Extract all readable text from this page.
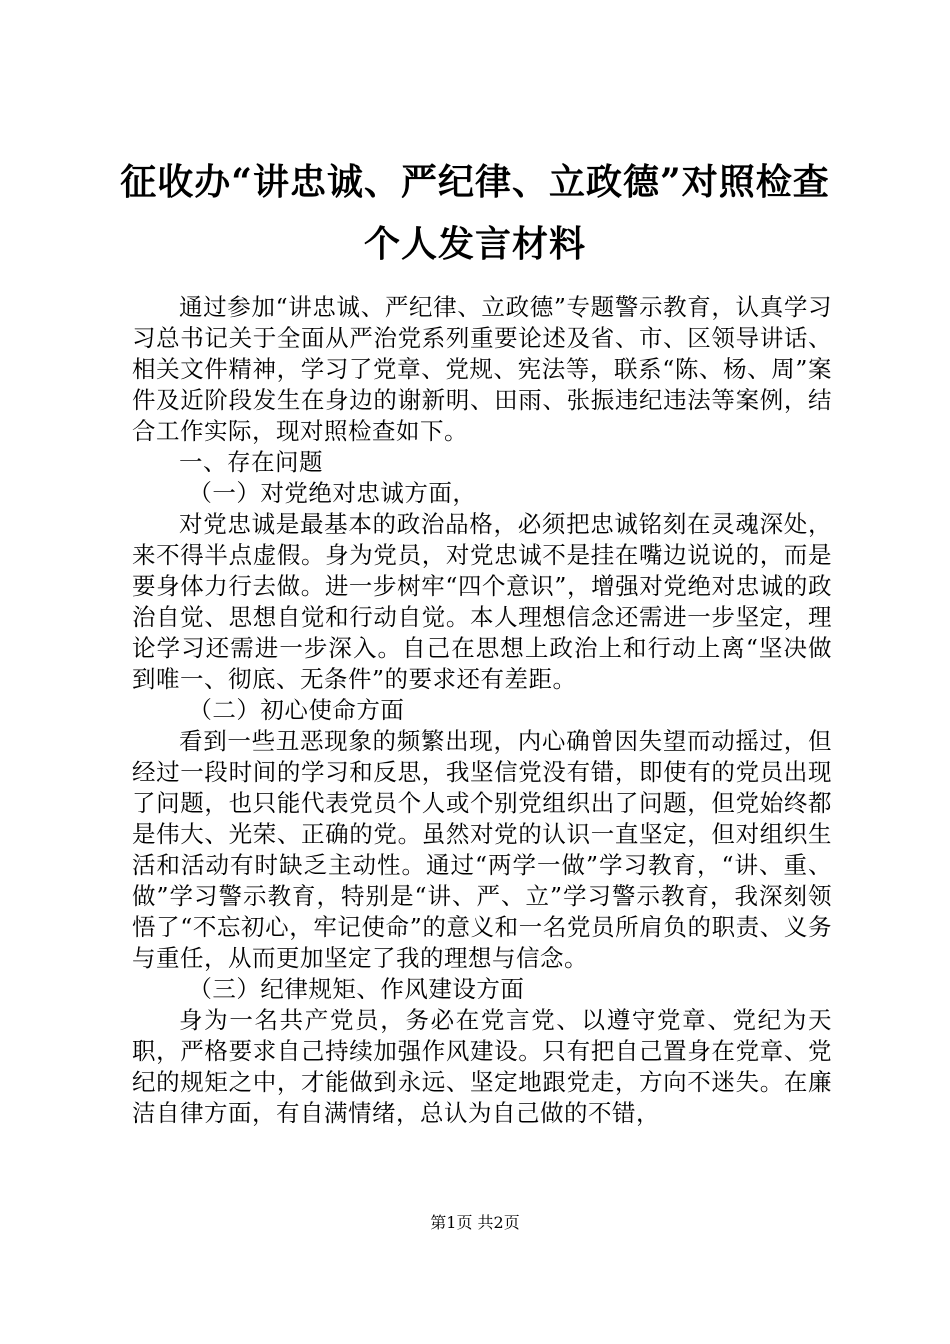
征收办“讲忠诚、严纪律、立政德”对照检查
个人发言材料

通过参加“讲忠诚、严纪律、立政德”专题警示教育，认真学习习总书记关于全面从严治党系列重要论述及省、市、区领导讲话、相关文件精神，学习了党章、党规、宪法等，联系“陈、杨、周”案件及近阶段发生在身边的谢新明、田雨、张振违纪违法等案例，结合工作实际，现对照检查如下。

一、存在问题

（一）对党绝对忠诚方面，

对党忠诚是最基本的政治品格，必须把忠诚铭刻在灵魂深处，来不得半点虚假。身为党员，对党忠诚不是挂在嘴边说说的，而是要身体力行去做。进一步树牢“四个意识”，增强对党绝对忠诚的政治自觉、思想自觉和行动自觉。本人理想信念还需进一步坚定，理论学习还需进一步深入。自己在思想上政治上和行动上离“坚决做到唯一、彻底、无条件”的要求还有差距。

（二）初心使命方面

看到一些丑恶现象的频繁出现，内心确曾因失望而动摇过，但经过一段时间的学习和反思，我坚信党没有错，即使有的党员出现了问题，也只能代表党员个人或个别党组织出了问题，但党始终都是伟大、光荣、正确的党。虽然对党的认识一直坚定，但对组织生活和活动有时缺乏主动性。通过“两学一做”学习教育，“讲、重、做”学习警示教育，特别是“讲、严、立”学习警示教育，我深刻领悟了“不忘初心，牢记使命”的意义和一名党员所肩负的职责、义务与重任，从而更加坚定了我的理想与信念。

（三）纪律规矩、作风建设方面

身为一名共产党员，务必在党言党、以遵守党章、党纪为天职，严格要求自己持续加强作风建设。只有把自己置身在党章、党纪的规矩之中，才能做到永远、坚定地跟党走，方向不迷失。在廉洁自律方面，有自满情绪，总认为自己做的不错，

第1页 共2页
